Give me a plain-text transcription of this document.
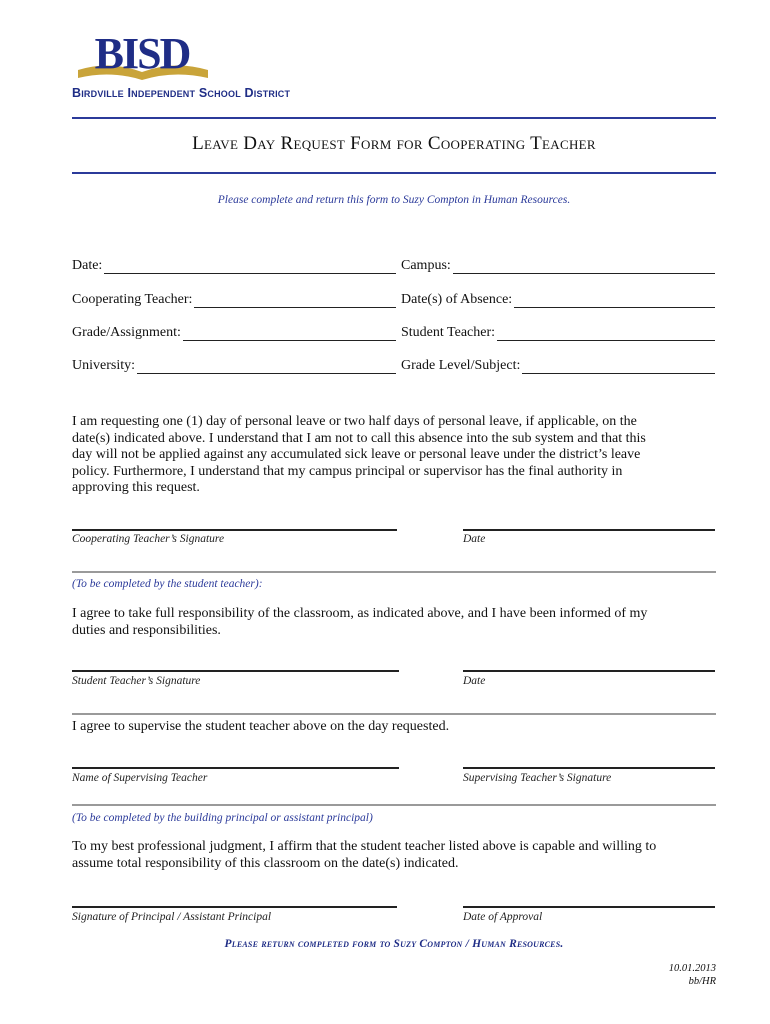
BISD
Birdville Independent School District
Leave Day Request Form for Cooperating Teacher
Please complete and return this form to Suzy Compton in Human Resources.
Date:	Campus:
Cooperating Teacher:	Date(s) of Absence:
Grade/Assignment:	Student Teacher:
University:	Grade Level/Subject:
I am requesting one (1) day of personal leave or two half days of personal leave, if applicable, on the
date(s) indicated above. I understand that I am not to call this absence into the sub system and that this
day will not be applied against any accumulated sick leave or personal leave under the district’s leave
policy. Furthermore, I understand that my campus principal or supervisor has the final authority in
approving this request.
Cooperating Teacher’s Signature	Date
(To be completed by the student teacher):
I agree to take full responsibility of the classroom, as indicated above, and I have been informed of my
duties and responsibilities.
Student Teacher’s Signature	Date
I agree to supervise the student teacher above on the day requested.
Name of Supervising Teacher	Supervising Teacher’s Signature
(To be completed by the building principal or assistant principal)
To my best professional judgment, I affirm that the student teacher listed above is capable and willing to
assume total responsibility of this classroom on the date(s) indicated.
Signature of Principal / Assistant Principal	Date of Approval
Please return completed form to Suzy Compton / Human Resources.
10.01.2013
bb/HR
